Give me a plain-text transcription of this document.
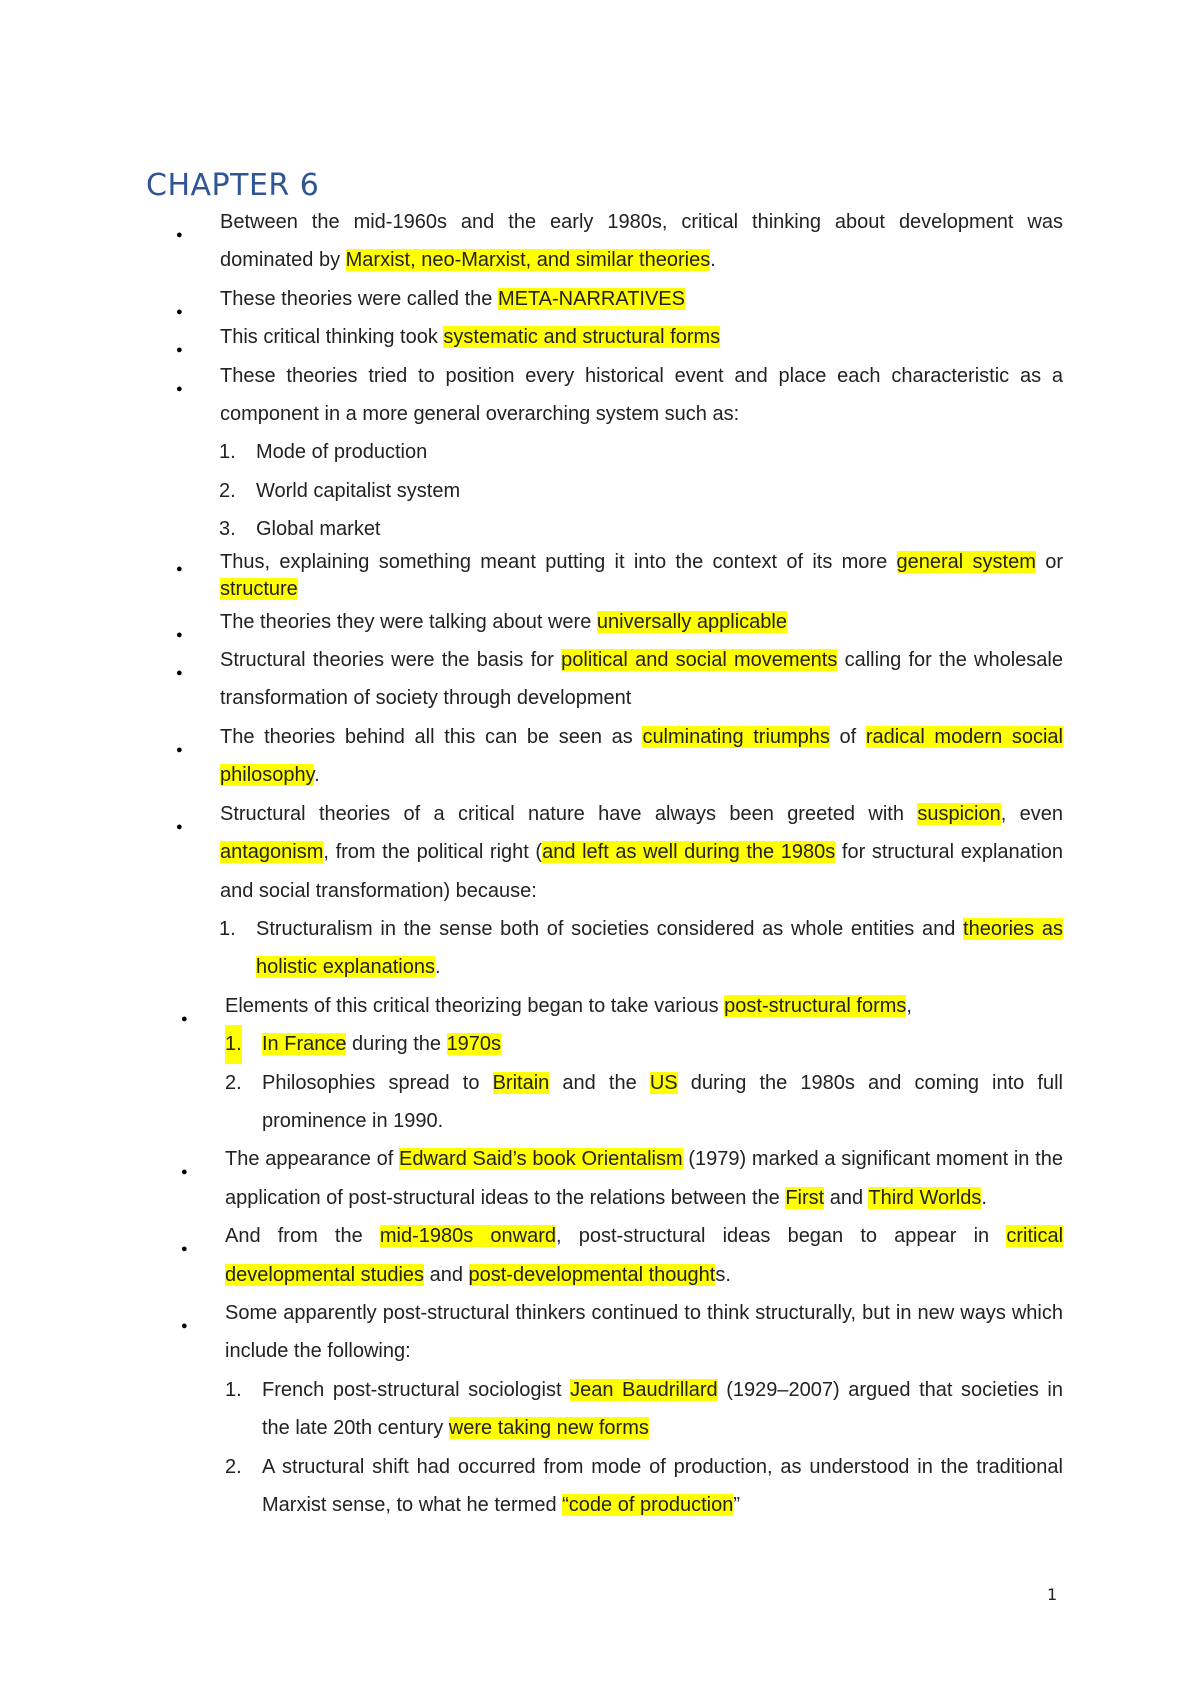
CHAPTER 6
●
Between the mid-1960s and the early 1980s, critical thinking about development was dominated by Marxist, neo-Marxist, and similar theories.
●
These theories were called the META-NARRATIVES
●
This critical thinking took systematic and structural forms
●
These theories tried to position every historical event and place each characteristic as a component in a more general overarching system such as:
1. Mode of production
2. World capitalist system
3. Global market
● Thus, explaining something meant putting it into the context of its more general system or structure
●
The theories they were talking about were universally applicable
●
Structural theories were the basis for political and social movements calling for the wholesale transformation of society through development
●
The theories behind all this can be seen as culminating triumphs of radical modern social philosophy.
●
Structural theories of a critical nature have always been greeted with suspicion, even antagonism, from the political right (and left as well during the 1980s for structural explanation and social transformation) because:
1. Structuralism in the sense both of societies considered as whole entities and theories as holistic explanations.
●
Elements of this critical theorizing began to take various post-structural forms,
1. In France during the 1970s
2. Philosophies spread to Britain and the US during the 1980s and coming into full prominence in 1990.
●
The appearance of Edward Said’s book Orientalism (1979) marked a significant moment in the application of post-structural ideas to the relations between the First and Third Worlds.
●
And from the mid-1980s onward, post-structural ideas began to appear in critical developmental studies and post-developmental thoughts.
●
Some apparently post-structural thinkers continued to think structurally, but in new ways which include the following:
1. French post-structural sociologist Jean Baudrillard (1929–2007) argued that societies in the late 20th century were taking new forms
2. A structural shift had occurred from mode of production, as understood in the traditional Marxist sense, to what he termed “code of production”
1
